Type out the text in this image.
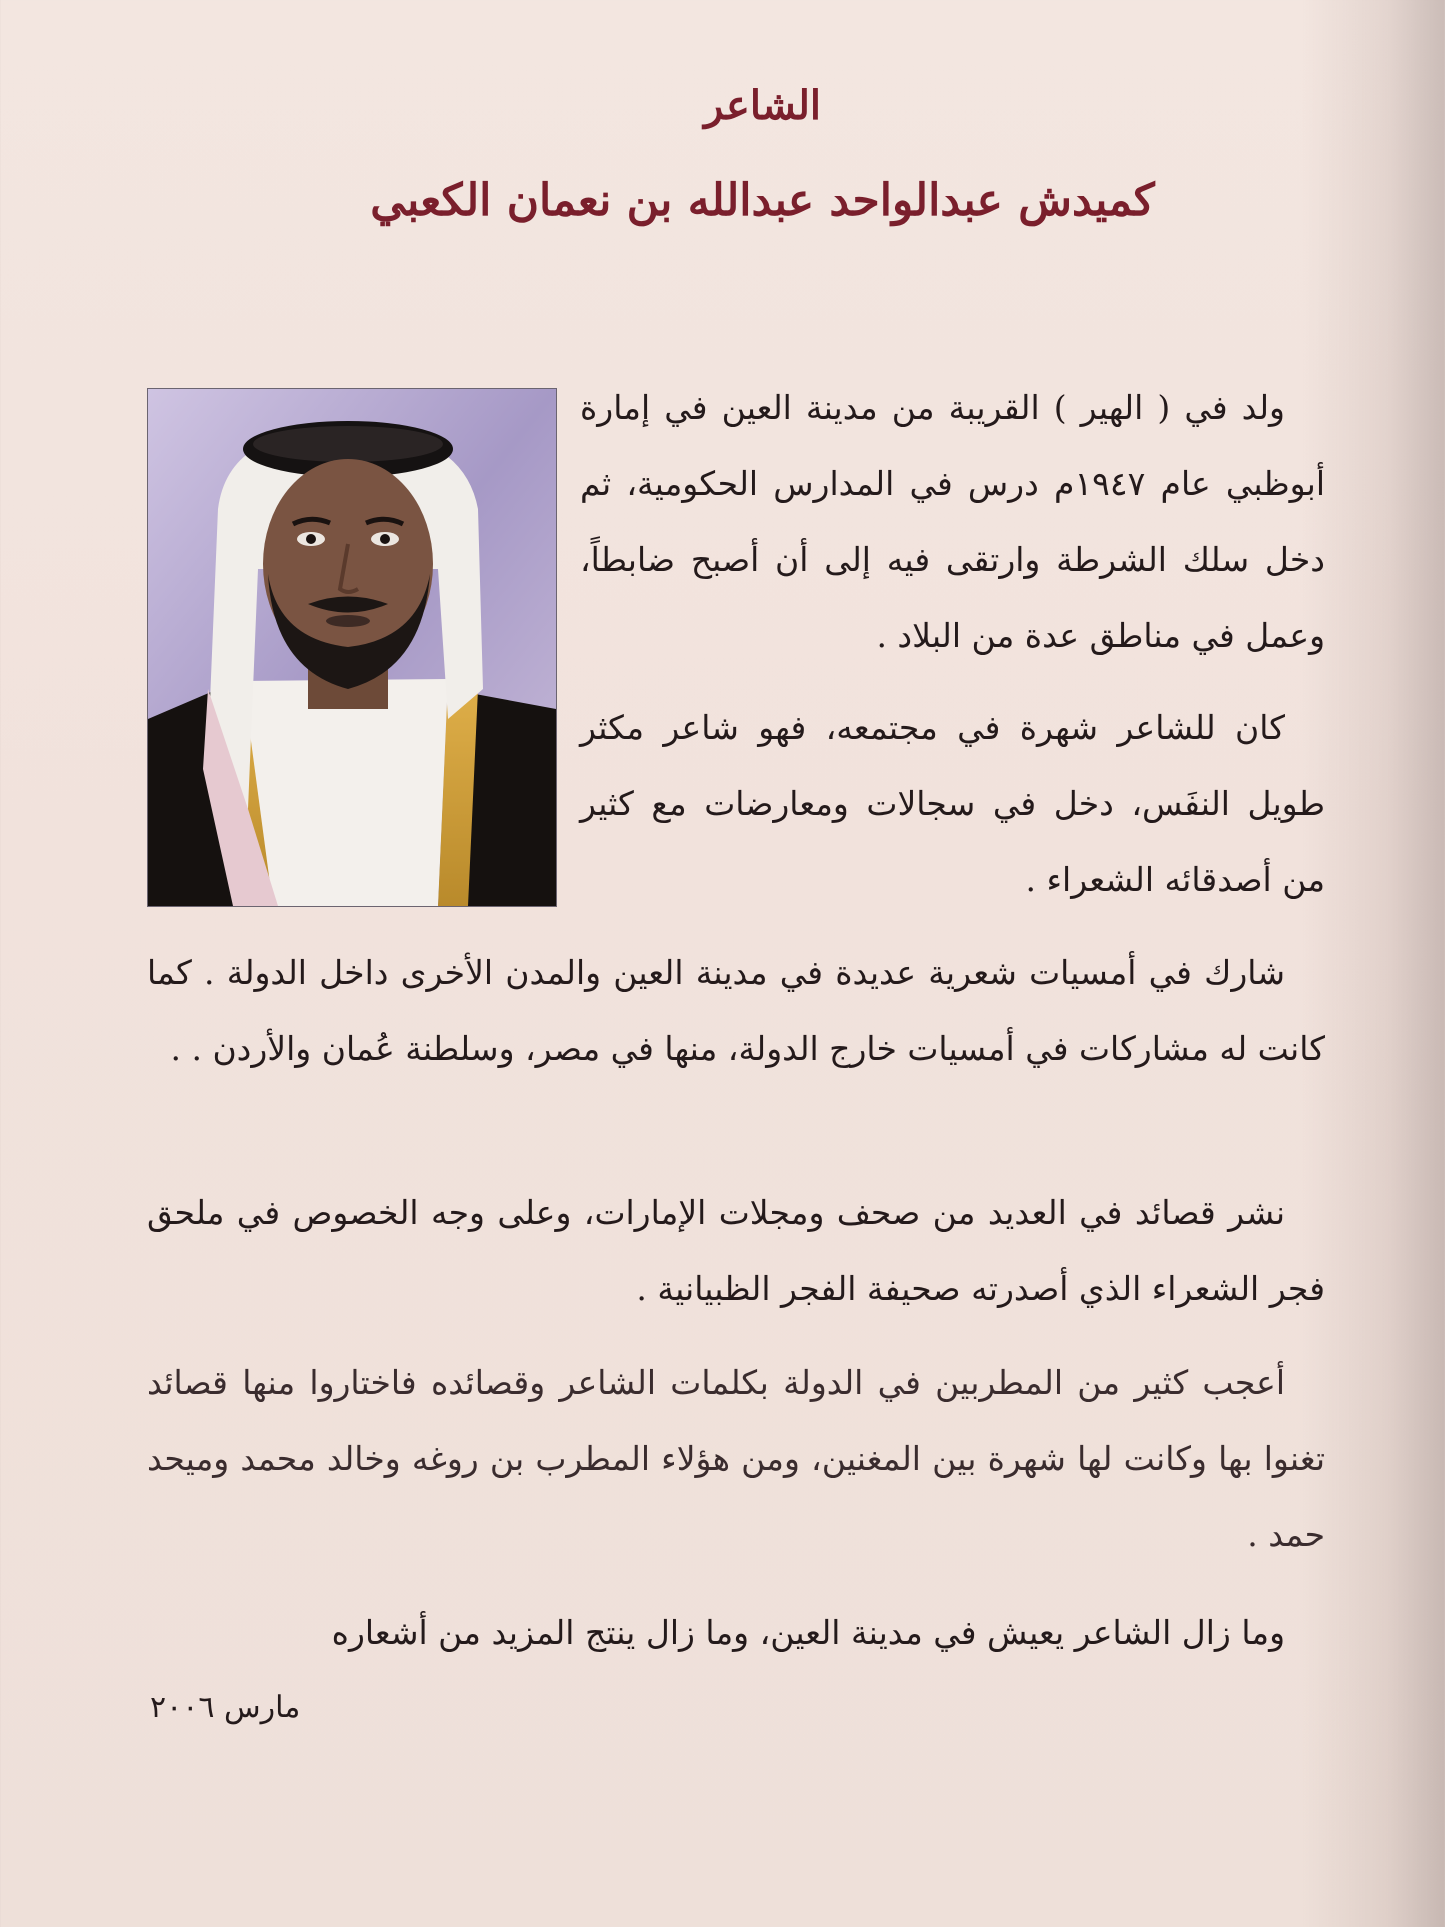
الشاعر
كميدش عبدالواحد عبدالله بن نعمان الكعبي

ولد في ( الهير ) القريبة من مدينة العين في إمارة أبوظبي عام ١٩٤٧م درس في المدارس الحكومية، ثم دخل سلك الشرطة وارتقى فيه إلى أن أصبح ضابطاً، وعمل في مناطق عدة من البلاد .

كان للشاعر شهرة في مجتمعه، فهو شاعر مكثر طويل النفَس، دخل في سجالات ومعارضات مع كثير من أصدقائه الشعراء .

شارك في أمسيات شعرية عديدة في مدينة العين والمدن الأخرى داخل الدولة . كما كانت له مشاركات في أمسيات خارج الدولة، منها في مصر، وسلطنة عُمان والأردن . .

نشر قصائد في العديد من صحف ومجلات الإمارات، وعلى وجه الخصوص في ملحق فجر الشعراء الذي أصدرته صحيفة الفجر الظبيانية .

أعجب كثير من المطربين في الدولة بكلمات الشاعر وقصائده فاختاروا منها قصائد تغنوا بها وكانت لها شهرة بين المغنين، ومن هؤلاء المطرب بن روغه وخالد محمد وميحد حمد .

وما زال الشاعر يعيش في مدينة العين، وما زال ينتج المزيد من أشعاره

مارس ٢٠٠٦
